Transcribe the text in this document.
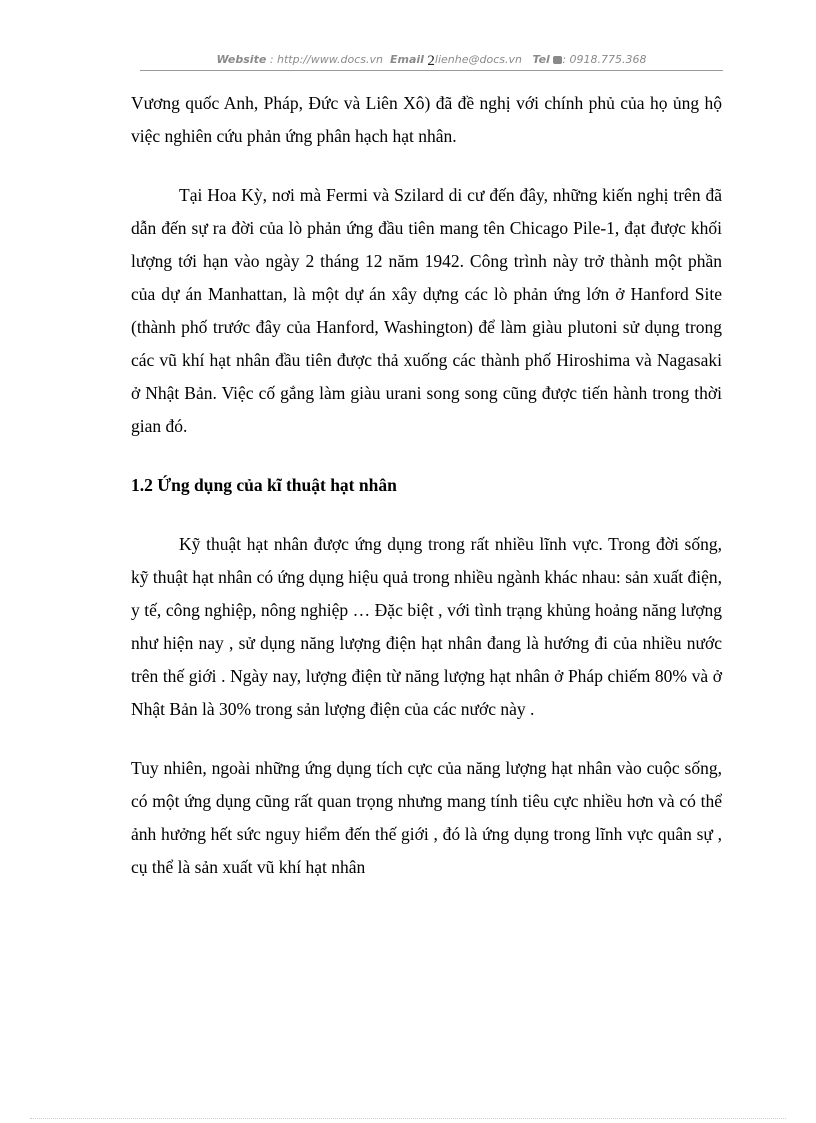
Website : http://www.docs.vn Email 2lienhe@docs.vn Tel : 0918.775.368

Vương quốc Anh, Pháp, Đức và Liên Xô) đã đề nghị với chính phủ của họ ủng hộ việc nghiên cứu phản ứng phân hạch hạt nhân.

Tại Hoa Kỳ, nơi mà Fermi và Szilard di cư đến đây, những kiến nghị trên đã dẫn đến sự ra đời của lò phản ứng đầu tiên mang tên Chicago Pile-1, đạt được khối lượng tới hạn vào ngày 2 tháng 12 năm 1942. Công trình này trở thành một phần của dự án Manhattan, là một dự án xây dựng các lò phản ứng lớn ở Hanford Site (thành phố trước đây của Hanford, Washington) để làm giàu plutoni sử dụng trong các vũ khí hạt nhân đầu tiên được thả xuống các thành phố Hiroshima và Nagasaki ở Nhật Bản. Việc cố gắng làm giàu urani song song cũng được tiến hành trong thời gian đó.

1.2 Ứng dụng của kĩ thuật hạt nhân

Kỹ thuật hạt nhân được ứng dụng trong rất nhiều lĩnh vực. Trong đời sống, kỹ thuật hạt nhân có ứng dụng hiệu quả trong nhiều ngành khác nhau: sản xuất điện, y tế, công nghiệp, nông nghiệp … Đặc biệt , với tình trạng khủng hoảng năng lượng như hiện nay , sử dụng năng lượng điện hạt nhân đang là hướng đi của nhiều nước trên thế giới . Ngày nay, lượng điện từ năng lượng hạt nhân ở Pháp chiếm 80% và ở Nhật Bản là 30% trong sản lượng điện của các nước này .

Tuy nhiên, ngoài những ứng dụng tích cực của năng lượng hạt nhân vào cuộc sống, có một ứng dụng cũng rất quan trọng nhưng mang tính tiêu cực nhiều hơn và có thể ảnh hưởng hết sức nguy hiểm đến thế giới , đó là ứng dụng trong lĩnh vực quân sự , cụ thể là sản xuất vũ khí hạt nhân
